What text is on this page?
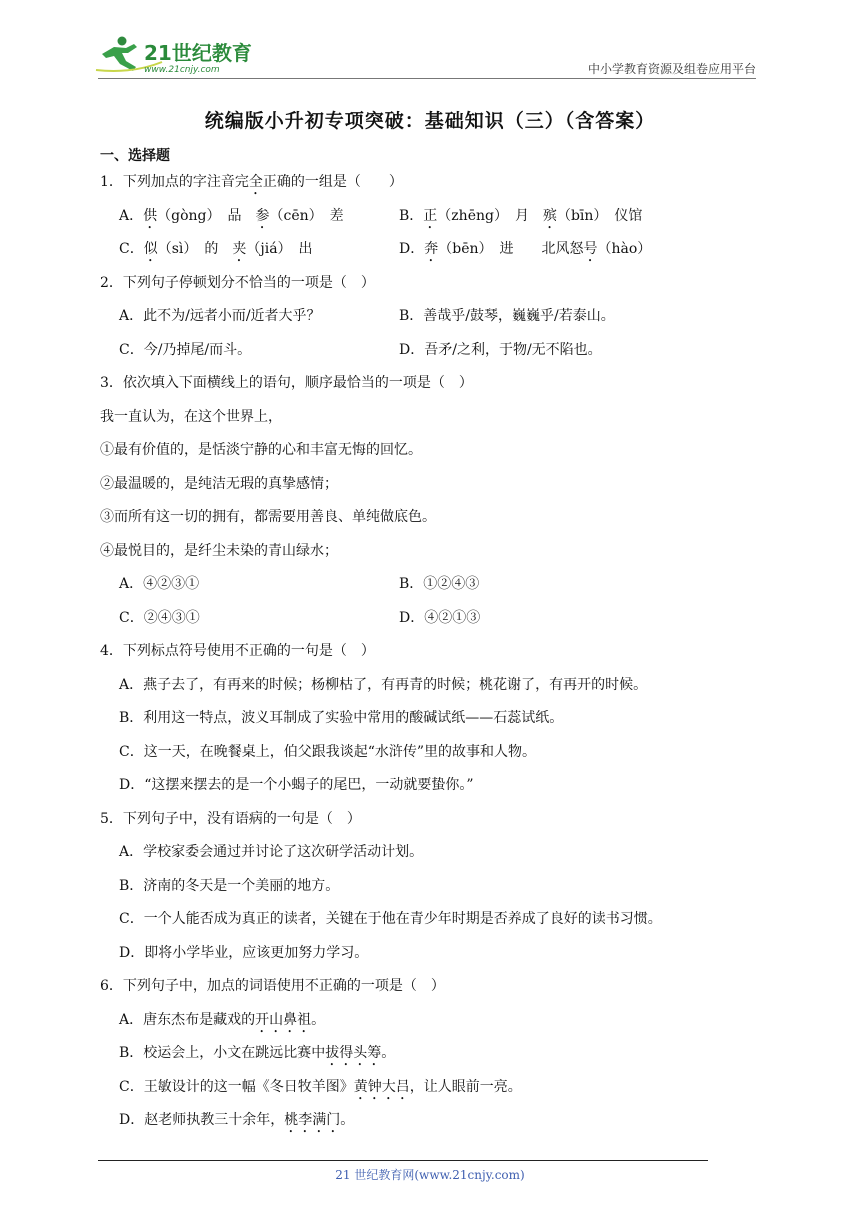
21世纪教育
www.21cnjy.com	中小学教育资源及组卷应用平台
统编版小升初专项突破：基础知识（三）（含答案）
一、选择题
1．下列加点的字注音完全正确的一组是（　　）
A．供（gòng）　品　参（cēn）　差	B．正（zhēng）　月　殡（bīn）　仪馆
C．似（sì）　的　夹（jiá）　出	D．奔（bēn）　进　　北风怒号（hào）
2．下列句子停顿划分不恰当的一项是（　）
A．此不为/远者小而/近者大乎？	B．善哉乎/鼓琴，巍巍乎/若泰山。
C．今/乃掉尾/而斗。	D．吾矛/之利，于物/无不陷也。
3．依次填入下面横线上的语句，顺序最恰当的一项是（　）
我一直认为，在这个世界上，
①最有价值的，是恬淡宁静的心和丰富无悔的回忆。
②最温暖的，是纯洁无瑕的真挚感情；
③而所有这一切的拥有，都需要用善良、单纯做底色。
④最悦目的，是纤尘未染的青山绿水；
A．④②③①	B．①②④③
C．②④③①	D．④②①③
4．下列标点符号使用不正确的一句是（　）
A．燕子去了，有再来的时候；杨柳枯了，有再青的时候；桃花谢了，有再开的时候。
B．利用这一特点，波义耳制成了实验中常用的酸碱试纸——石蕊试纸。
C．这一天，在晚餐桌上，伯父跟我谈起“水浒传”里的故事和人物。
D．“这摆来摆去的是一个小蝎子的尾巴，一动就要蛰你。”
5．下列句子中，没有语病的一句是（　）
A．学校家委会通过并讨论了这次研学活动计划。
B．济南的冬天是一个美丽的地方。
C．一个人能否成为真正的读者，关键在于他在青少年时期是否养成了良好的读书习惯。
D．即将小学毕业，应该更加努力学习。
6．下列句子中，加点的词语使用不正确的一项是（　）
A．唐东杰布是藏戏的开山鼻祖。
B．校运会上，小文在跳远比赛中拔得头筹。
C．王敏设计的这一幅《冬日牧羊图》黄钟大吕，让人眼前一亮。
D．赵老师执教三十余年，桃李满门。
21 世纪教育网(www.21cnjy.com)
